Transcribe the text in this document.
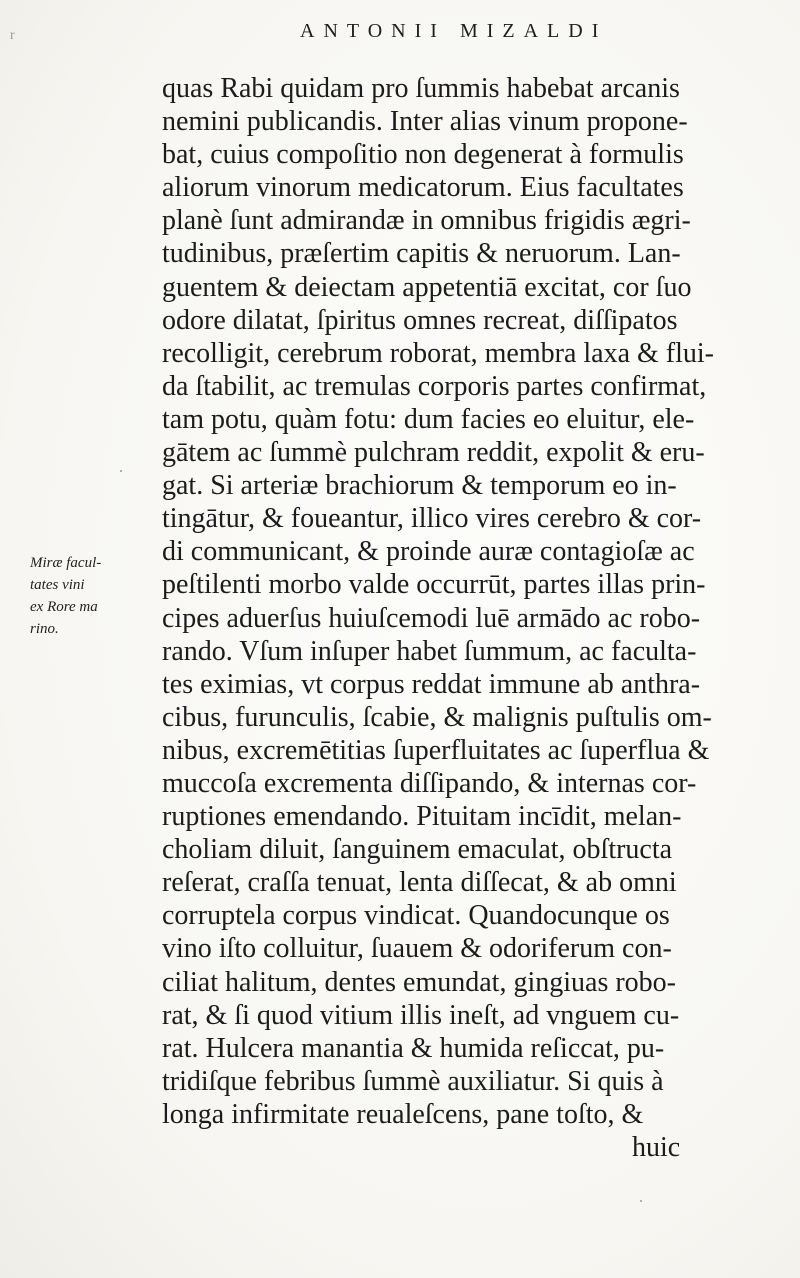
r	ANTONII MIZALDI
Miræ facul-
tates vini
ex Rore ma
rino.
quas Rabi quidam pro ſummis habebat arcanis
nemini publicandis. Inter alias vinum propone-
bat, cuius compoſitio non degenerat à formulis
aliorum vinorum medicatorum. Eius facultates
planè ſunt admirandæ in omnibus frigidis ægri-
tudinibus, præſertim capitis & neruorum. Lan-
guentem & deiectam appetentiā excitat, cor ſuo
odore dilatat, ſpiritus omnes recreat, diſſipatos
recolligit, cerebrum roborat, membra laxa & flui-
da ſtabilit, ac tremulas corporis partes confirmat,
tam potu, quàm fotu: dum facies eo eluitur, ele-
gātem ac ſummè pulchram reddit, expolit & eru-
gat. Si arteriæ brachiorum & temporum eo in-
tingātur, & foueantur, illico vires cerebro & cor-
di communicant, & proinde auræ contagioſæ ac
peſtilenti morbo valde occurrūt, partes illas prin-
cipes aduerſus huiuſcemodi luē armādo ac robo-
rando. Vſum inſuper habet ſummum, ac faculta-
tes eximias, vt corpus reddat immune ab anthra-
cibus, furunculis, ſcabie, & malignis puſtulis om-
nibus, excremētitias ſuperfluitates ac ſuperflua &
muccoſa excrementa diſſipando, & internas cor-
ruptiones emendando. Pituitam incīdit, melan-
choliam diluit, ſanguinem emaculat, obſtructa
reſerat, craſſa tenuat, lenta diſſecat, & ab omni
corruptela corpus vindicat. Quandocunque os
vino iſto colluitur, ſuauem & odoriferum con-
ciliat halitum, dentes emundat, gingiuas robo-
rat, & ſi quod vitium illis ineſt, ad vnguem cu-
rat. Hulcera manantia & humida reſiccat, pu-
tridiſque febribus ſummè auxiliatur. Si quis à
longa infirmitate reualeſcens, pane toſto, &
huic
